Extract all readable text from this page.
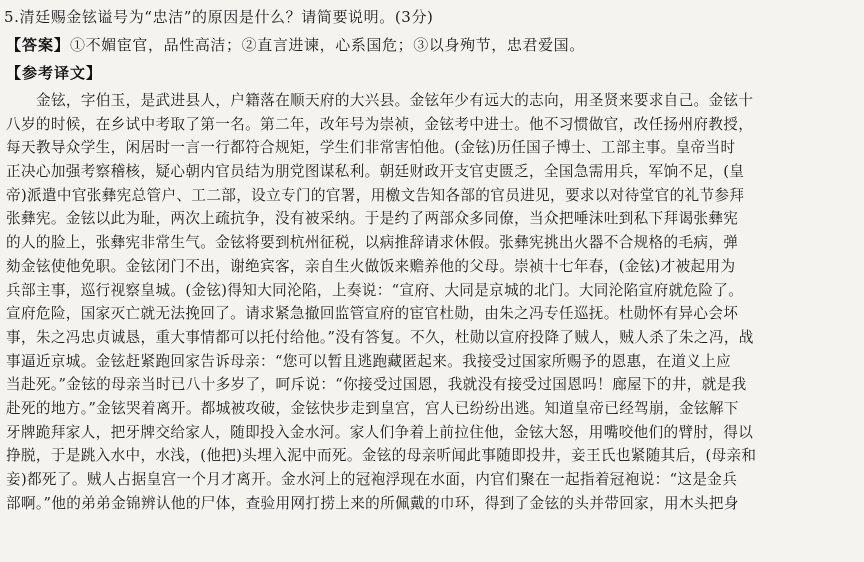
5.清廷赐金铉谥号为“忠洁”的原因是什么？请简要说明。(3分)
【答案】①不媚宦官，品性高洁；②直言进谏，心系国危；③以身殉节，忠君爱国。
【参考译文】
金铉，字伯玉，是武进县人，户籍落在顺天府的大兴县。金铉年少有远大的志向，用圣贤来要求自己。金铉十
八岁的时候，在乡试中考取了第一名。第二年，改年号为崇祯，金铉考中进士。他不习惯做官，改任扬州府教授，
每天教导众学生，闲居时一言一行都符合规矩，学生们非常害怕他。(金铉)历任国子博士、工部主事。皇帝当时
正决心加强考察稽核，疑心朝内官员结为朋党图谋私利。朝廷财政开支官吏匮乏，全国急需用兵，军饷不足，(皇
帝)派遣中官张彝宪总管户、工二部，设立专门的官署，用檄文告知各部的官员进见，要求以对待堂官的礼节参拜
张彝宪。金铉以此为耻，两次上疏抗争，没有被采纳。于是约了两部众多同僚，当众把唾沫吐到私下拜谒张彝宪
的人的脸上，张彝宪非常生气。金铉将要到杭州征税，以病推辞请求休假。张彝宪挑出火器不合规格的毛病，弹
劾金铉使他免职。金铉闭门不出，谢绝宾客，亲自生火做饭来赡养他的父母。崇祯十七年春，(金铉)才被起用为
兵部主事，巡行视察皇城。(金铉)得知大同沦陷，上奏说：“宣府、大同是京城的北门。大同沦陷宣府就危险了。
宣府危险，国家灭亡就无法挽回了。请求紧急撤回监管宣府的宦官杜勋，由朱之冯专任巡抚。杜勋怀有异心会坏
事，朱之冯忠贞诚恳，重大事情都可以托付给他。”没有答复。不久，杜勋以宣府投降了贼人，贼人杀了朱之冯，战
事逼近京城。金铉赶紧跑回家告诉母亲：“您可以暂且逃跑藏匿起来。我接受过国家所赐予的恩惠，在道义上应
当赴死。”金铉的母亲当时已八十多岁了，呵斥说：“你接受过国恩，我就没有接受过国恩吗！廊屋下的井，就是我
赴死的地方。”金铉哭着离开。都城被攻破，金铉快步走到皇宫，宫人已纷纷出逃。知道皇帝已经驾崩，金铉解下
牙牌跪拜家人，把牙牌交给家人，随即投入金水河。家人们争着上前拉住他，金铉大怒，用嘴咬他们的臂肘，得以
挣脱，于是跳入水中，水浅，(他把)头埋入泥中而死。金铉的母亲听闻此事随即投井，妾王氏也紧随其后，(母亲和
妾)都死了。贼人占据皇宫一个月才离开。金水河上的冠袍浮现在水面，内官们聚在一起指着冠袍说：“这是金兵
部啊。”他的弟弟金锦辨认他的尸体，查验用网打捞上来的所佩戴的巾环，得到了金铉的头并带回家，用木头把身
